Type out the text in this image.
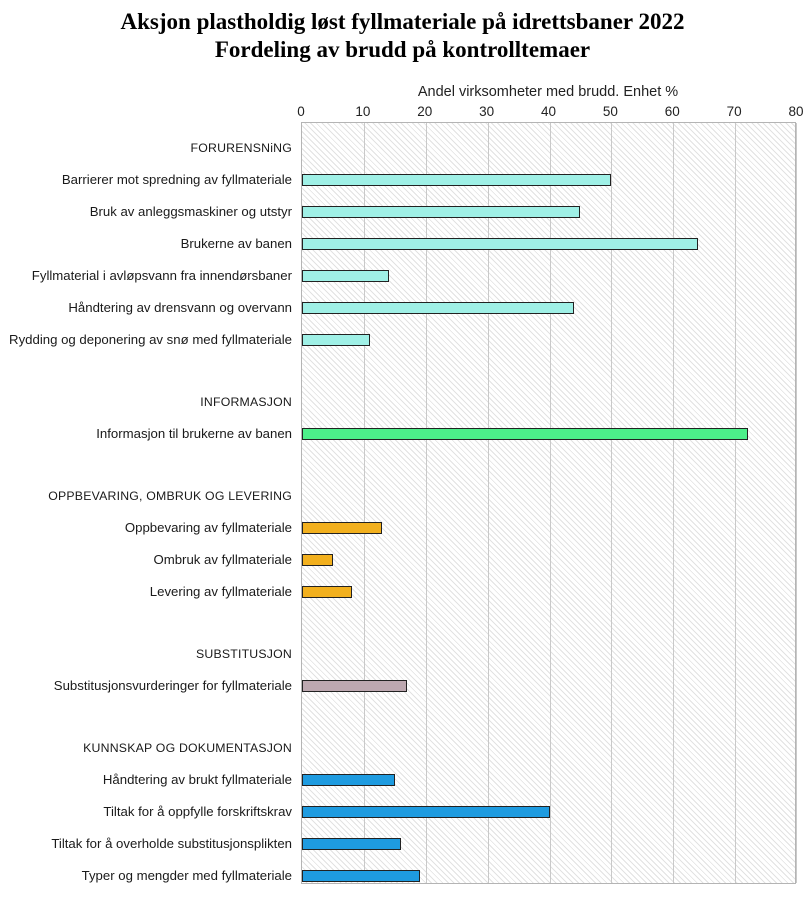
Aksjon plastholdig løst fyllmateriale på idrettsbaner 2022
Fordeling av brudd på kontrolltemaer
Andel virksomheter med brudd. Enhet %
0	10	20	30	40	50	60	70	80
FORURENSNiNG
Barrierer mot spredning av fyllmateriale
Bruk av anleggsmaskiner og utstyr
Brukerne av banen
Fyllmaterial i avløpsvann fra innendørsbaner
Håndtering av drensvann og overvann
Rydding og deponering av snø med fyllmateriale
INFORMASJON
Informasjon til brukerne av banen
OPPBEVARING, OMBRUK OG LEVERING
Oppbevaring av fyllmateriale
Ombruk av fyllmateriale
Levering av fyllmateriale
SUBSTITUSJON
Substitusjonsvurderinger for fyllmateriale
KUNNSKAP OG DOKUMENTASJON
Håndtering av brukt fyllmateriale
Tiltak for å oppfylle forskriftskrav
Tiltak for å overholde substitusjonsplikten
Typer og mengder med fyllmateriale
